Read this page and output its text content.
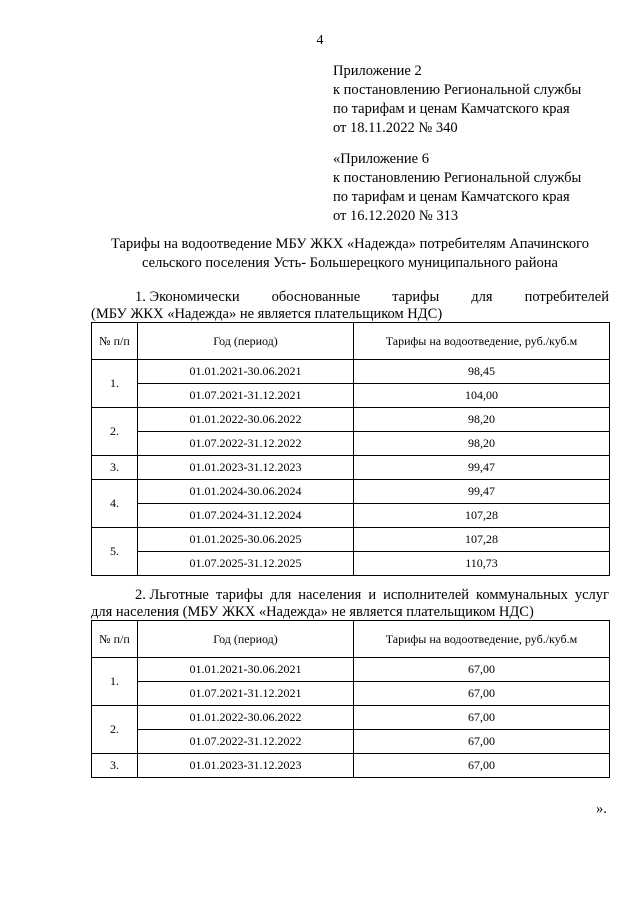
4
Приложение 2
к постановлению Региональной службы
по тарифам и ценам Камчатского края
от 18.11.2022 № 340
«Приложение 6
к постановлению Региональной службы
по тарифам и ценам Камчатского края
от 16.12.2020 № 313
Тарифы на водоотведение МБУ ЖКХ «Надежда» потребителям Апачинского
сельского поселения Усть- Большерецкого муниципального района
1. Экономически обоснованные тарифы для потребителей
(МБУ ЖКХ «Надежда» не является плательщиком НДС)
№ п/п	Год (период)	Тарифы на водоотведение, руб./куб.м
1.	01.01.2021-30.06.2021	98,45
	01.07.2021-31.12.2021	104,00
2.	01.01.2022-30.06.2022	98,20
	01.07.2022-31.12.2022	98,20
3.	01.01.2023-31.12.2023	99,47
4.	01.01.2024-30.06.2024	99,47
	01.07.2024-31.12.2024	107,28
5.	01.01.2025-30.06.2025	107,28
	01.07.2025-31.12.2025	110,73
2. Льготные тарифы для населения и исполнителей коммунальных услуг
для населения (МБУ ЖКХ «Надежда» не является плательщиком НДС)
№ п/п	Год (период)	Тарифы на водоотведение, руб./куб.м
1.	01.01.2021-30.06.2021	67,00
	01.07.2021-31.12.2021	67,00
2.	01.01.2022-30.06.2022	67,00
	01.07.2022-31.12.2022	67,00
3.	01.01.2023-31.12.2023	67,00
».
